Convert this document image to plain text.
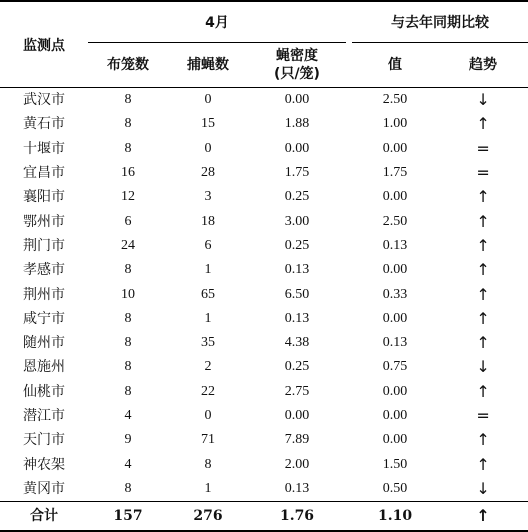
监测点	4月				与去年同期比较	
	布笼数	捕蝇数	蝇密度
(只/笼)		值	趋势
武汉市	8	0	0.00		2.50	↓
黄石市	8	15	1.88		1.00	↑
十堰市	8	0	0.00		0.00	=
宜昌市	16	28	1.75		1.75	=
襄阳市	12	3	0.25		0.00	↑
鄂州市	6	18	3.00		2.50	↑
荆门市	24	6	0.25		0.13	↑
孝感市	8	1	0.13		0.00	↑
荆州市	10	65	6.50		0.33	↑
咸宁市	8	1	0.13		0.00	↑
随州市	8	35	4.38		0.13	↑
恩施州	8	2	0.25		0.75	↓
仙桃市	8	22	2.75		0.00	↑
潜江市	4	0	0.00		0.00	=
天门市	9	71	7.89		0.00	↑
神农架	4	8	2.00		1.50	↑
黄冈市	8	1	0.13		0.50	↓
合计	157	276	1.76		1.10	↑
